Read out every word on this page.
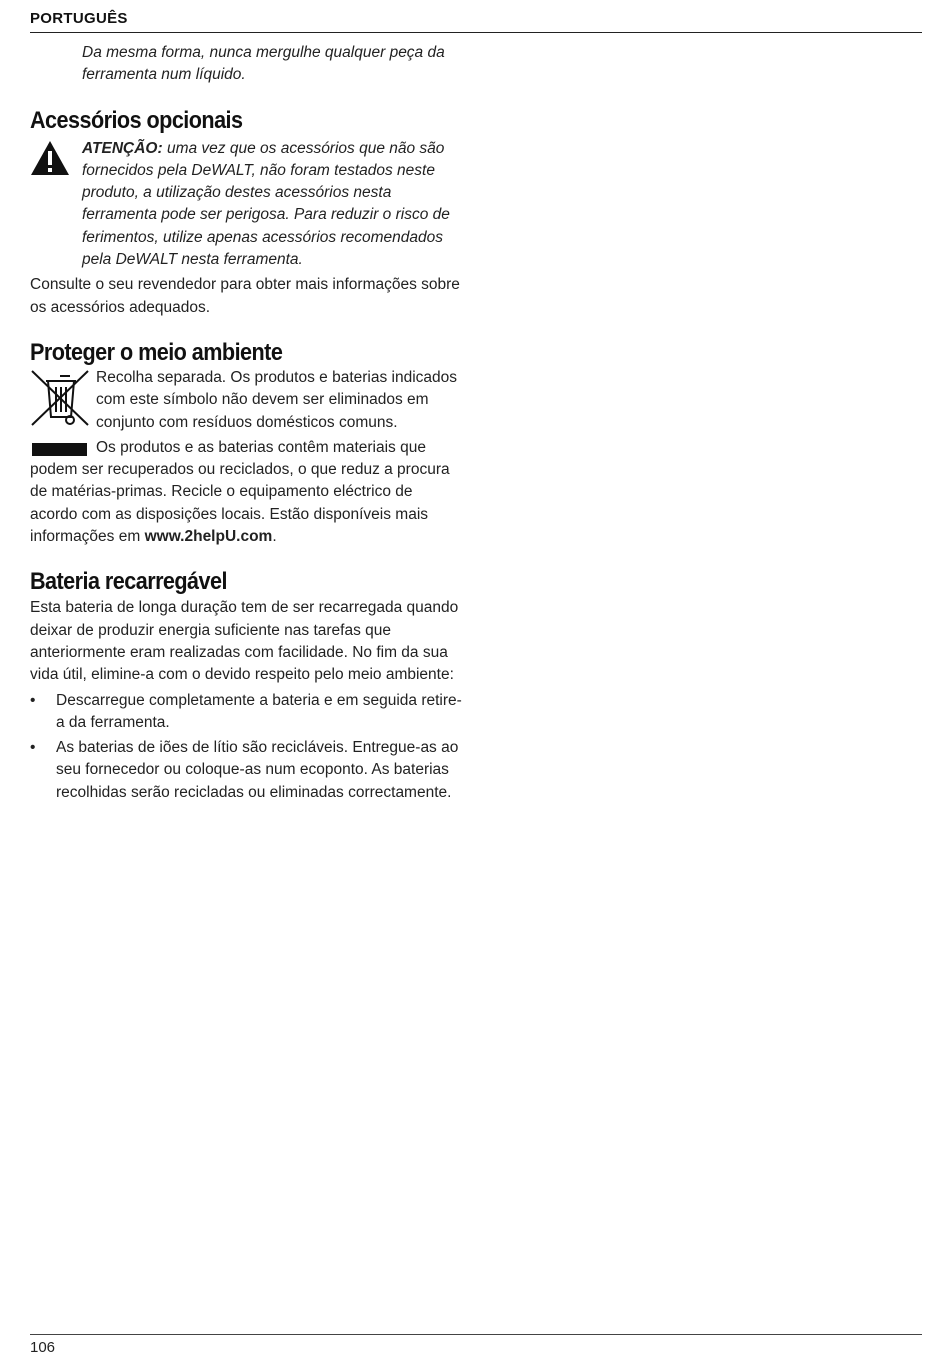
PORTUGUÊS

Da mesma forma, nunca mergulhe qualquer peça da ferramenta num líquido.

Acessórios opcionais

ATENÇÃO: uma vez que os acessórios que não são fornecidos pela DeWALT, não foram testados neste produto, a utilização destes acessórios nesta ferramenta pode ser perigosa. Para reduzir o risco de ferimentos, utilize apenas acessórios recomendados pela DeWALT nesta ferramenta.

Consulte o seu revendedor para obter mais informações sobre os acessórios adequados.

Proteger o meio ambiente

Recolha separada. Os produtos e baterias indicados com este símbolo não devem ser eliminados em conjunto com resíduos domésticos comuns.

Os produtos e as baterias contêm materiais que podem ser recuperados ou reciclados, o que reduz a procura de matérias-primas. Recicle o equipamento eléctrico de acordo com as disposições locais. Estão disponíveis mais informações em www.2helpU.com.

Bateria recarregável

Esta bateria de longa duração tem de ser recarregada quando deixar de produzir energia suficiente nas tarefas que anteriormente eram realizadas com facilidade. No fim da sua vida útil, elimine-a com o devido respeito pelo meio ambiente:

• Descarregue completamente a bateria e em seguida retire-a da ferramenta.
• As baterias de iões de lítio são recicláveis. Entregue-as ao seu fornecedor ou coloque-as num ecoponto. As baterias recolhidas serão recicladas ou eliminadas correctamente.
106
